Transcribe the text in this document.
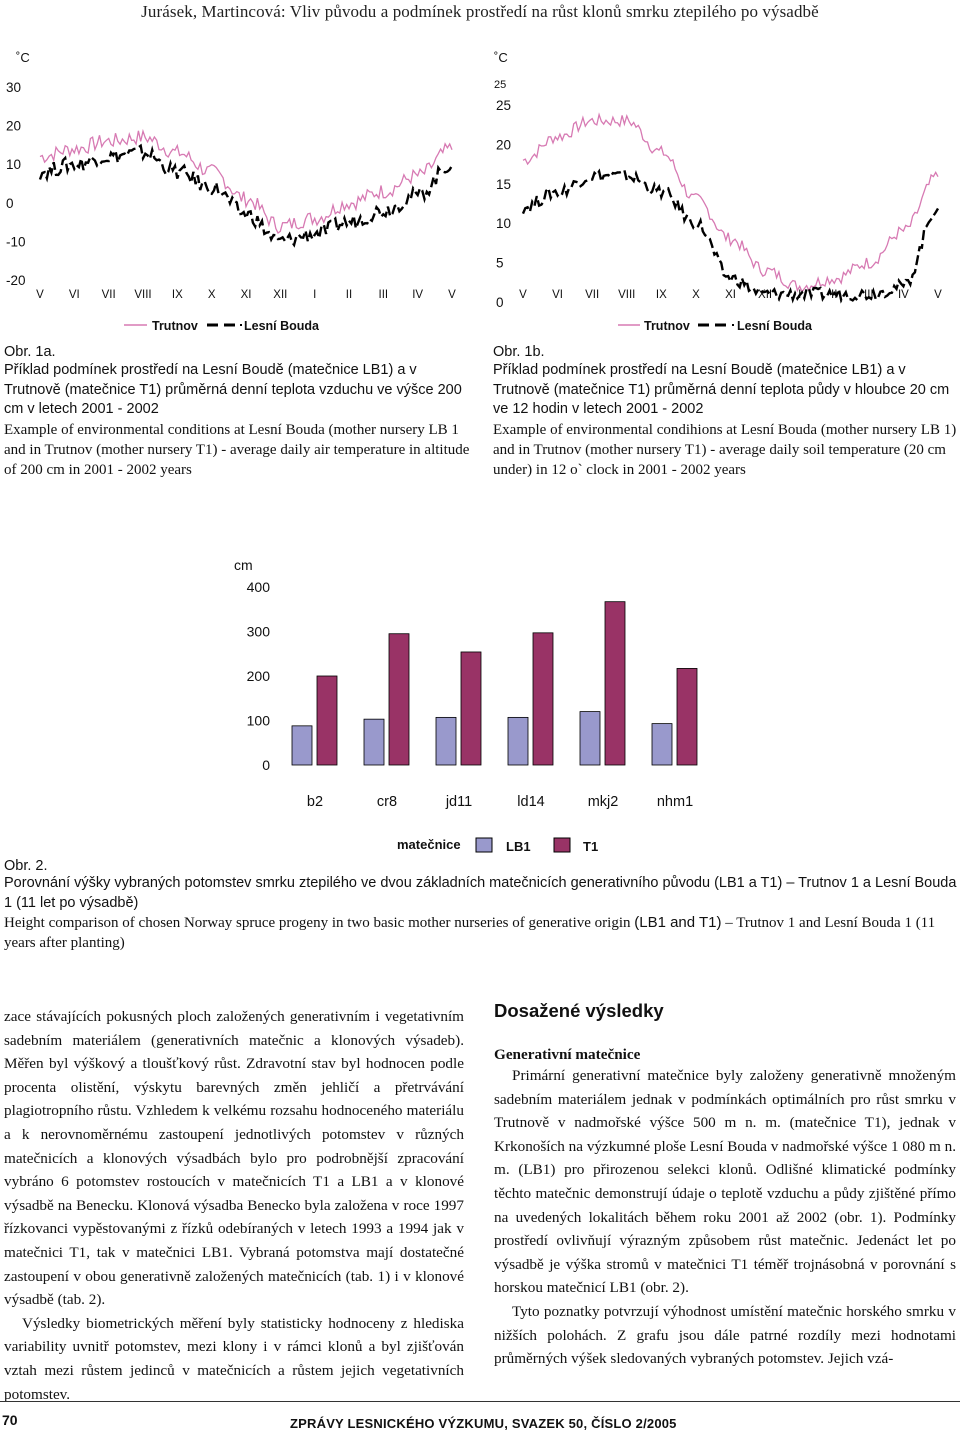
Jurásek, Martincová: Vliv původu a podmínek prostředí na růst klonů smrku ztepilého po výsadbě
˚C
30
20
10
0
-10
-20
V VI VII VIII IX X XI XII I	II III IV V
Trutnov	Lesní Bouda
˚C
25
25
20
15
10
5
0 V VI VII VIII IX X XI XII I	II III IV V
Trutnov	Lesní Bouda
Obr. 1a.
Příklad podmínek prostředí na Lesní Boudě (matečnice LB1) a v Trutnově (matečnice T1) průměrná denní teplota vzduchu ve výšce 200 cm v letech 2001 - 2002
Example of environmental conditions at Lesní Bouda (mother nursery LB 1 and in Trutnov (mother nursery T1) - average daily air temperature in altitude of 200 cm in 2001 - 2002 years
Obr. 1b.
Příklad podmínek prostředí na Lesní Boudě (matečnice LB1) a v Trutnově (matečnice T1) průměrná denní teplota půdy v hloubce 20 cm ve 12 hodin v letech 2001 - 2002
Example of environmental condihions at Lesní Bouda (mother nursery LB 1) and in Trutnov (mother nursery T1) - average daily soil temperature (20 cm under) in 12 o` clock in 2001 - 2002 years
cm
400
300
200
100
0
b2	cr8	jd11	ld14	mkj2	nhm1
matečnice	LB1	T1
Obr. 2.
Porovnání výšky vybraných potomstev smrku ztepilého ve dvou základních matečnicích generativního původu (LB1 a T1) – Trutnov 1 a Lesní Bouda 1 (11 let po výsadbě)
Height comparison of chosen Norway spruce progeny in two basic mother nurseries of generative origin (LB1 and T1) – Trutnov 1 and Lesní Bouda 1 (11 years after planting)

zace stávajících pokusných ploch založených generativním i vegetativním sadebním materiálem (generativních matečnic a klonových výsadeb). Měřen byl výškový a tloušťkový růst. Zdravotní stav byl hodnocen podle procenta olistění, výskytu barevných změn jehličí a přetrvávání plagiotropního růstu. Vzhledem k velkému rozsahu hodnoceného materiálu a k nerovnoměrnému zastoupení jednotlivých potomstev v různých matečnicích a klonových výsadbách bylo pro podrobnější zpracování vybráno 6 potomstev rostoucích v matečnicích T1 a LB1 a v klonové výsadbě na Benecku. Klonová výsadba Benecko byla založena v roce 1997 řízkovanci vypěstovanými z řízků odebíraných v letech 1993 a 1994 jak v matečnici T1, tak v matečnici LB1. Vybraná potomstva mají dostatečné zastoupení v obou generativně založených matečnicích (tab. 1) i v klonové výsadbě (tab. 2).

Výsledky biometrických měření byly statisticky hodnoceny z hlediska variability uvnitř potomstev, mezi klony i v rámci klonů a byl zjišťován vztah mezi růstem jedinců v matečnicích a růstem jejich vegetativních potomstev.

Dosažené výsledky
Generativní matečnice

Primární generativní matečnice byly založeny generativně množeným sadebním materiálem jednak v podmínkách optimálních pro růst smrku v Trutnově v nadmořské výšce 500 m n. m. (matečnice T1), jednak v Krkonoších na výzkumné ploše Lesní Bouda v nadmořské výšce 1 080 m n. m. (LB1) pro přirozenou selekci klonů. Odlišné klimatické podmínky těchto matečnic demonstrují údaje o teplotě vzduchu a půdy zjištěné přímo na uvedených lokalitách během roku 2001 až 2002 (obr. 1). Podmínky prostředí ovlivňují výrazným způsobem růst matečnic. Jedenáct let po výsadbě je výška stromů v matečnici T1 téměř trojnásobná v porovnání s horskou matečnicí LB1 (obr. 2).

Tyto poznatky potvrzují výhodnost umístění matečnic horského smrku v nižších polohách. Z grafu jsou dále patrné rozdíly mezi hodnotami průměrných výšek sledovaných vybraných potomstev. Jejich vzá-

70	ZPRÁVY LESNICKÉHO VÝZKUMU, SVAZEK 50, ČÍSLO 2/2005
